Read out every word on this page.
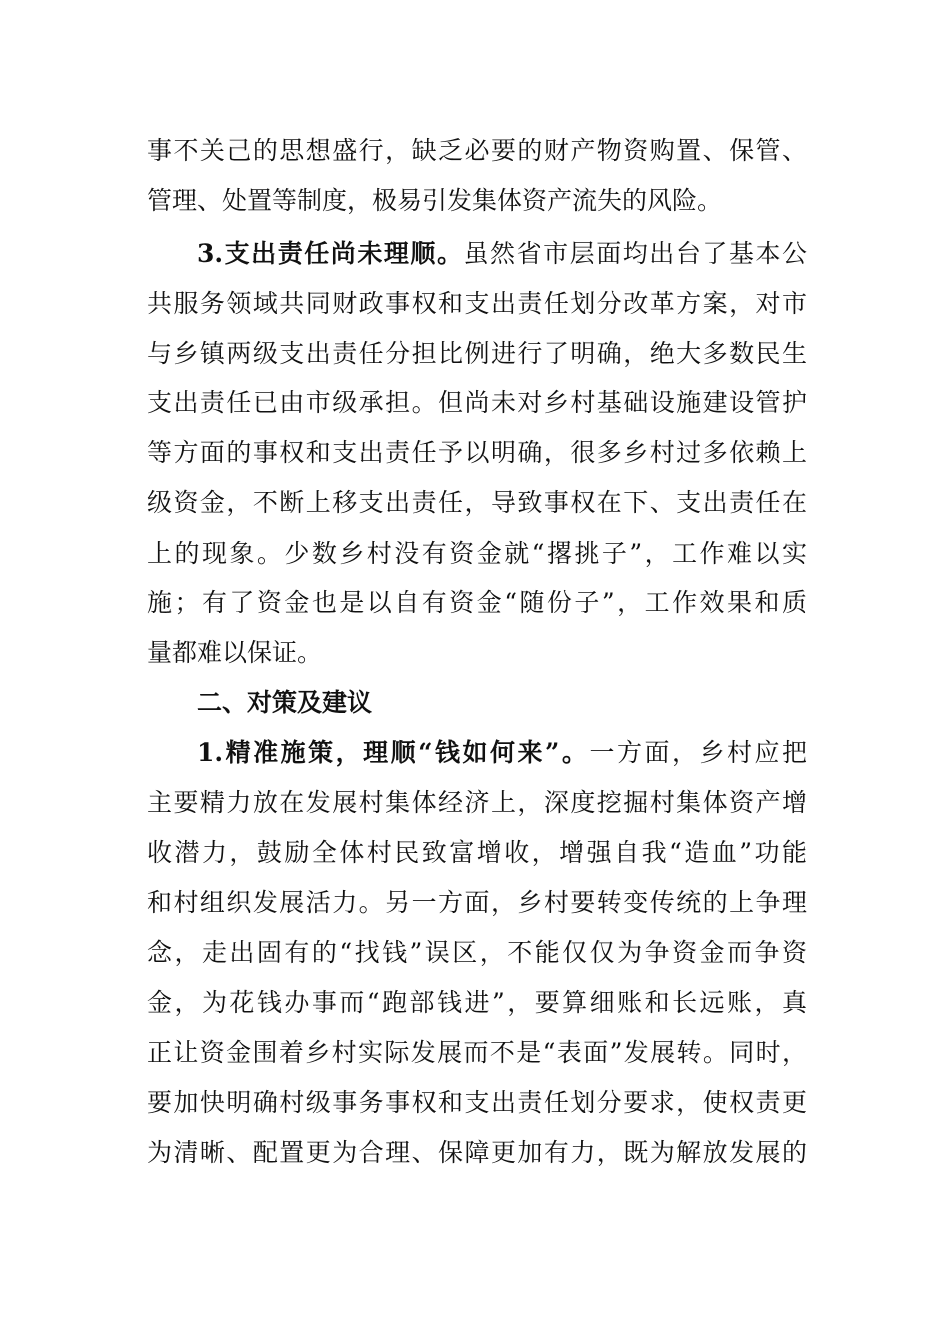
事不关己的思想盛行，缺乏必要的财产物资购置、保管、
管理、处置等制度，极易引发集体资产流失的风险。
3.支出责任尚未理顺。虽然省市层面均出台了基本公
共服务领域共同财政事权和支出责任划分改革方案，对市
与乡镇两级支出责任分担比例进行了明确，绝大多数民生
支出责任已由市级承担。但尚未对乡村基础设施建设管护
等方面的事权和支出责任予以明确，很多乡村过多依赖上
级资金，不断上移支出责任，导致事权在下、支出责任在
上的现象。少数乡村没有资金就“撂挑子”，工作难以实
施；有了资金也是以自有资金“随份子”，工作效果和质
量都难以保证。
二、对策及建议
1.精准施策，理顺“钱如何来”。一方面，乡村应把
主要精力放在发展村集体经济上，深度挖掘村集体资产增
收潜力，鼓励全体村民致富增收，增强自我“造血”功能
和村组织发展活力。另一方面，乡村要转变传统的上争理
念，走出固有的“找钱”误区，不能仅仅为争资金而争资
金，为花钱办事而“跑部钱进”，要算细账和长远账，真
正让资金围着乡村实际发展而不是“表面”发展转。同时，
要加快明确村级事务事权和支出责任划分要求，使权责更
为清晰、配置更为合理、保障更加有力，既为解放发展的
